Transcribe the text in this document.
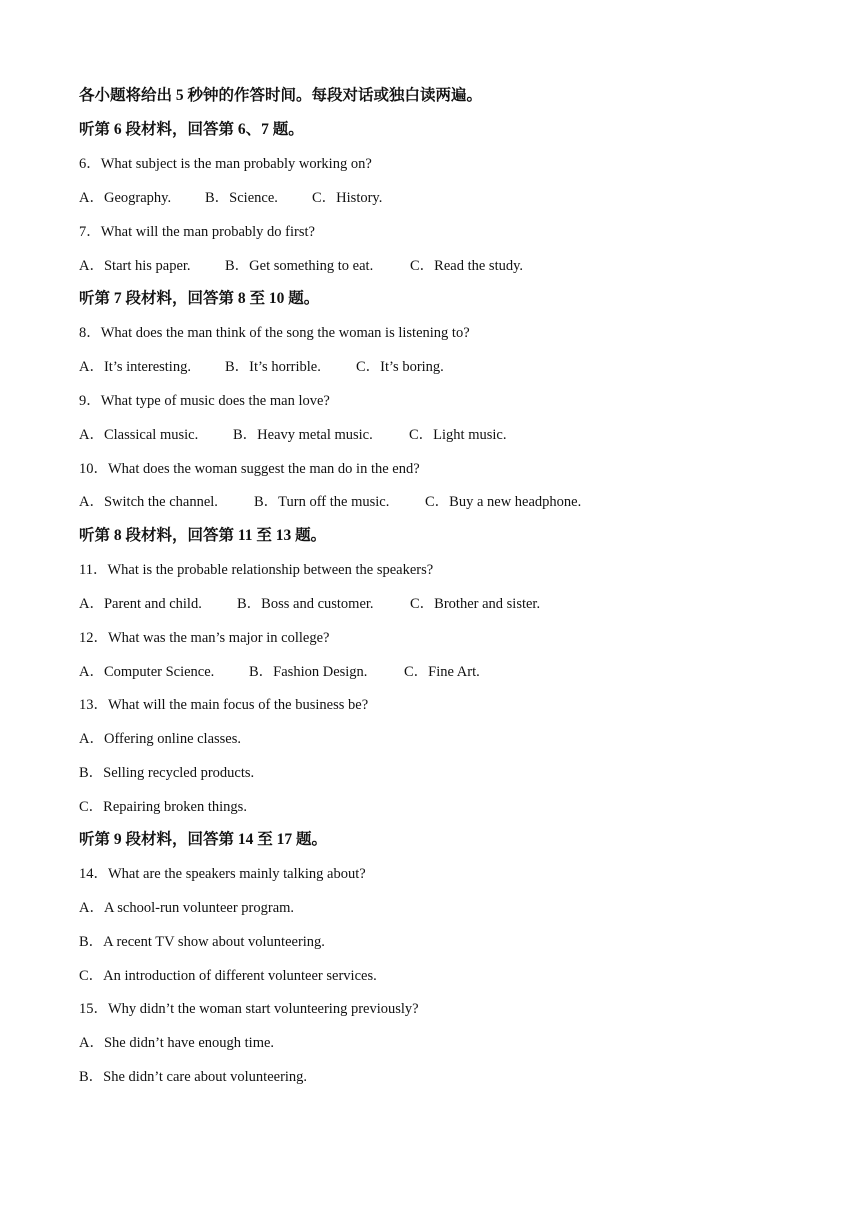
各小题将给出 5 秒钟的作答时间。每段对话或独白读两遍。
听第 6 段材料，回答第 6、7 题。
6．What subject is the man probably working on?
A．Geography. B．Science. C．History.
7．What will the man probably do first?
A．Start his paper. B．Get something to eat.	C．Read the study.
听第 7 段材料，回答第 8 至 10 题。
8．What does the man think of the song the woman is listening to?
A．It’s interesting. B．It’s horrible. C．It’s boring.
9．What type of music does the man love?
A．Classical music. B．Heavy metal music.	C．Light music.
10．What does the woman suggest the man do in the end?
A．Switch the channel. B．Turn off the music. C．Buy a new headphone.
听第 8 段材料，回答第 11 至 13 题。
11．What is the probable relationship between the speakers?
A．Parent and child. B．Boss and customer.	C．Brother and sister.
12．What was the man’s major in college?
A．Computer Science. B．Fashion Design.	C．Fine Art.
13．What will the main focus of the business be?
A．Offering online classes.
B．Selling recycled products.
C．Repairing broken things.
听第 9 段材料，回答第 14 至 17 题。
14．What are the speakers mainly talking about?
A．A school-run volunteer program.
B．A recent TV show about volunteering.
C．An introduction of different volunteer services.
15．Why didn’t the woman start volunteering previously?
A．She didn’t have enough time.
B．She didn’t care about volunteering.
